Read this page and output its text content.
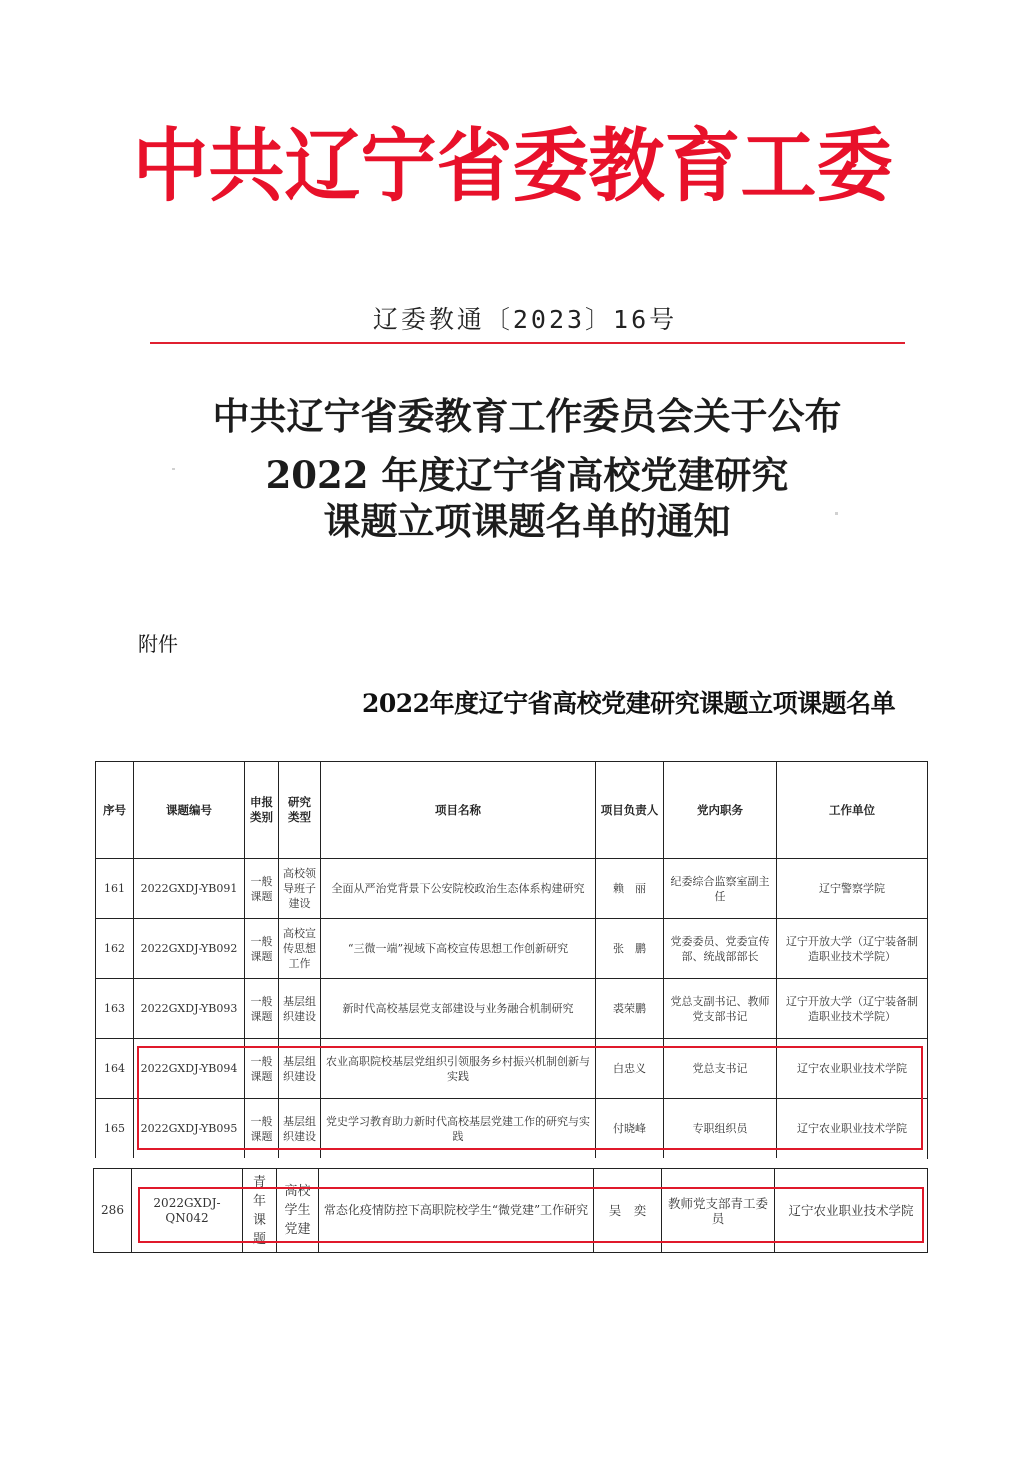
中共辽宁省委教育工委
辽委教通〔2023〕16号
中共辽宁省委教育工作委员会关于公布
2022 年度辽宁省高校党建研究
课题立项课题名单的通知
附件
2022年度辽宁省高校党建研究课题立项课题名单
序号	课题编号	申报类别	研究类型	项目名称	项目负责人	党内职务	工作单位
161	2022GXDJ-YB091	一般课题	高校领导班子建设	全面从严治党背景下公安院校政治生态体系构建研究	赖　丽	纪委综合监察室副主任	辽宁警察学院
162	2022GXDJ-YB092	一般课题	高校宣传思想工作	“三微一端”视域下高校宣传思想工作创新研究	张　鹏	党委委员、党委宣传部、统战部部长	辽宁开放大学（辽宁装备制造职业技术学院）
163	2022GXDJ-YB093	一般课题	基层组织建设	新时代高校基层党支部建设与业务融合机制研究	裘荣鹏	党总支副书记、教师党支部书记	辽宁开放大学（辽宁装备制造职业技术学院）
164	2022GXDJ-YB094	一般课题	基层组织建设	农业高职院校基层党组织引领服务乡村振兴机制创新与实践	白忠义	党总支书记	辽宁农业职业技术学院
165	2022GXDJ-YB095	一般课题	基层组织建设	党史学习教育助力新时代高校基层党建工作的研究与实践	付晓峰	专职组织员	辽宁农业职业技术学院
286	2022GXDJ-QN042	青年课题	高校学生党建	常态化疫情防控下高职院校学生“微党建”工作研究	吴　奕	教师党支部青工委员	辽宁农业职业技术学院
